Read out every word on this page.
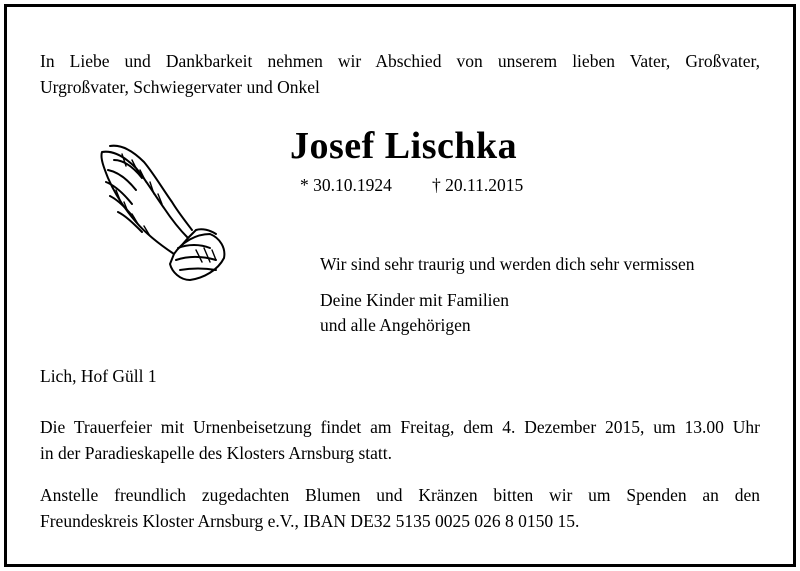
In Liebe und Dankbarkeit nehmen wir Abschied von unserem lieben Vater, Großvater,

Urgroßvater, Schwiegervater und Onkel

Josef Lischka

* 30.10.1924 † 20.11.2015

Wir sind sehr traurig und werden dich sehr vermissen

Deine Kinder mit Familien

und alle Angehörigen

Lich, Hof Güll 1

Die Trauerfeier mit Urnenbeisetzung findet am Freitag, dem 4. Dezember 2015, um 13.00 Uhr

in der Paradieskapelle des Klosters Arnsburg statt.

Anstelle freundlich zugedachten Blumen und Kränzen bitten wir um Spenden an den

Freundeskreis Kloster Arnsburg e.V., IBAN DE32 5135 0025 026 8 0150 15.
